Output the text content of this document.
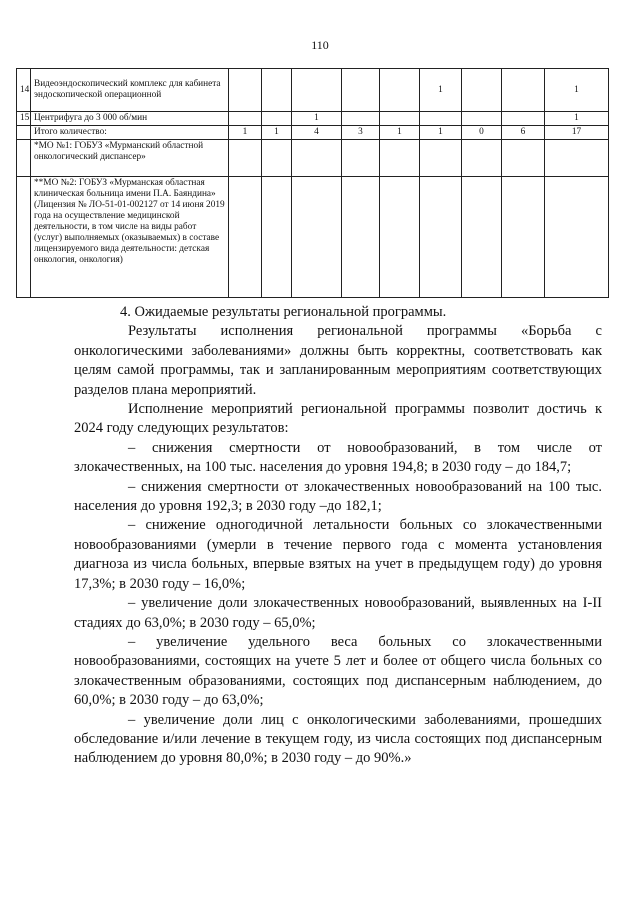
110
14	Видеоэндоскопический комплекс для кабинета эндоскопической операционной						1			1
15	Центрифуга до 3 000 об/мин			1						1
	Итого количество:	1	1	4	3	1	1	0	6	17
	*МО №1: ГОБУЗ «Мурманский областной онкологический диспансер»									
	**МО №2: ГОБУЗ «Мурманская областная клиническая больница имени П.А. Баяндина» (Лицензия № ЛО-51-01-002127 от 14 июня 2019 года на осуществление медицинской деятельности, в том числе на виды работ (услуг) выполняемых (оказываемых) в составе лицензируемого вида деятельности: детская онкология, онкология)									

4. Ожидаемые результаты региональной программы.

Результаты исполнения региональной программы «Борьба с онкологическими заболеваниями» должны быть корректны, соответствовать как целям самой программы, так и запланированным мероприятиям соответствующих разделов плана мероприятий.

Исполнение мероприятий региональной программы позволит достичь к 2024 году следующих результатов:

– снижения смертности от новообразований, в том числе от злокачественных, на 100 тыс. населения до уровня 194,8; в 2030 году – до 184,7;

– снижения смертности от злокачественных новообразований на 100 тыс. населения до уровня 192,3; в 2030 году –до 182,1;

– снижение одногодичной летальности больных со злокачественными новообразованиями (умерли в течение первого года с момента установления диагноза из числа больных, впервые взятых на учет в предыдущем году) до уровня 17,3%; в 2030 году – 16,0%;

– увеличение доли злокачественных новообразований, выявленных на I-II стадиях до 63,0%; в 2030 году – 65,0%;

– увеличение удельного веса больных со злокачественными новообразованиями, состоящих на учете 5 лет и более от общего числа больных со злокачественным образованиями, состоящих под диспансерным наблюдением, до 60,0%; в 2030 году – до 63,0%;

– увеличение доли лиц с онкологическими заболеваниями, прошедших обследование и/или лечение в текущем году, из числа состоящих под диспансерным наблюдением до уровня 80,0%; в 2030 году – до 90%.»
